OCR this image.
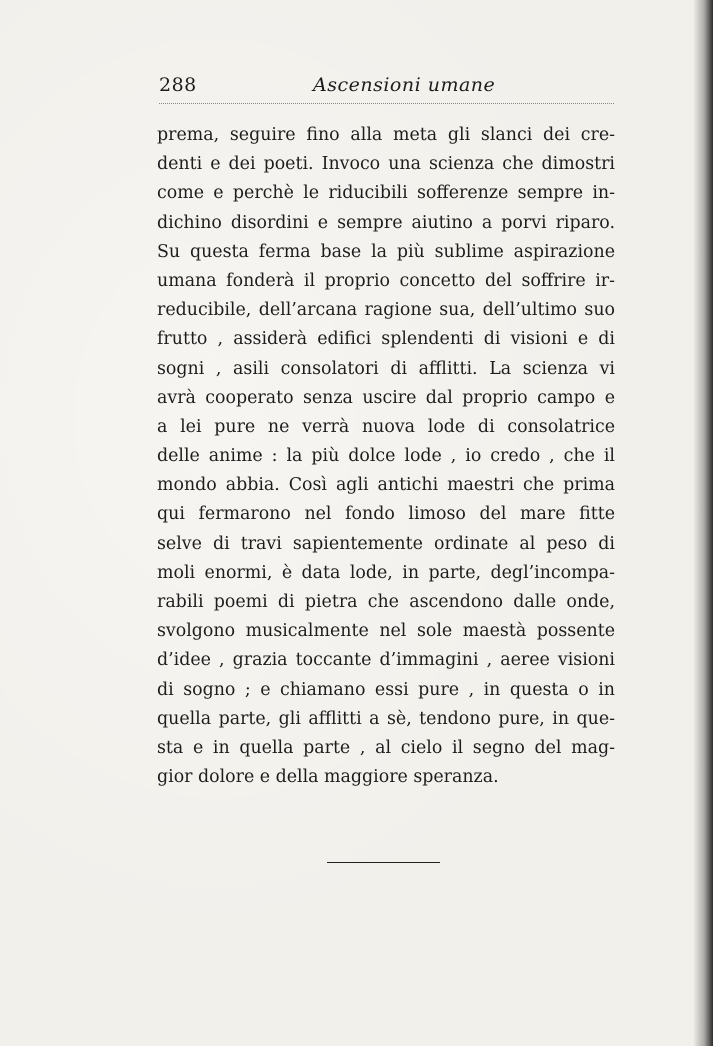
288	Ascensioni umane
prema, seguire fino alla meta gli slanci dei cre-
denti e dei poeti. Invoco una scienza che dimostri
come e perchè le riducibili sofferenze sempre in-
dichino disordini e sempre aiutino a porvi riparo.
Su questa ferma base la più sublime aspirazione
umana fonderà il proprio concetto del soffrire ir-
reducibile, dell’arcana ragione sua, dell’ultimo suo
frutto , assiderà edifici splendenti di visioni e di
sogni , asili consolatori di afflitti. La scienza vi
avrà cooperato senza uscire dal proprio campo e
a lei pure ne verrà nuova lode di consolatrice
delle anime : la più dolce lode , io credo , che il
mondo abbia. Così agli antichi maestri che prima
qui fermarono nel fondo limoso del mare fitte
selve di travi sapientemente ordinate al peso di
moli enormi, è data lode, in parte, degl’incompa-
rabili poemi di pietra che ascendono dalle onde,
svolgono musicalmente nel sole maestà possente
d’idee , grazia toccante d’immagini , aeree visioni
di sogno ; e chiamano essi pure , in questa o in
quella parte, gli afflitti a sè, tendono pure, in que-
sta e in quella parte , al cielo il segno del mag-
gior dolore e della maggiore speranza.
